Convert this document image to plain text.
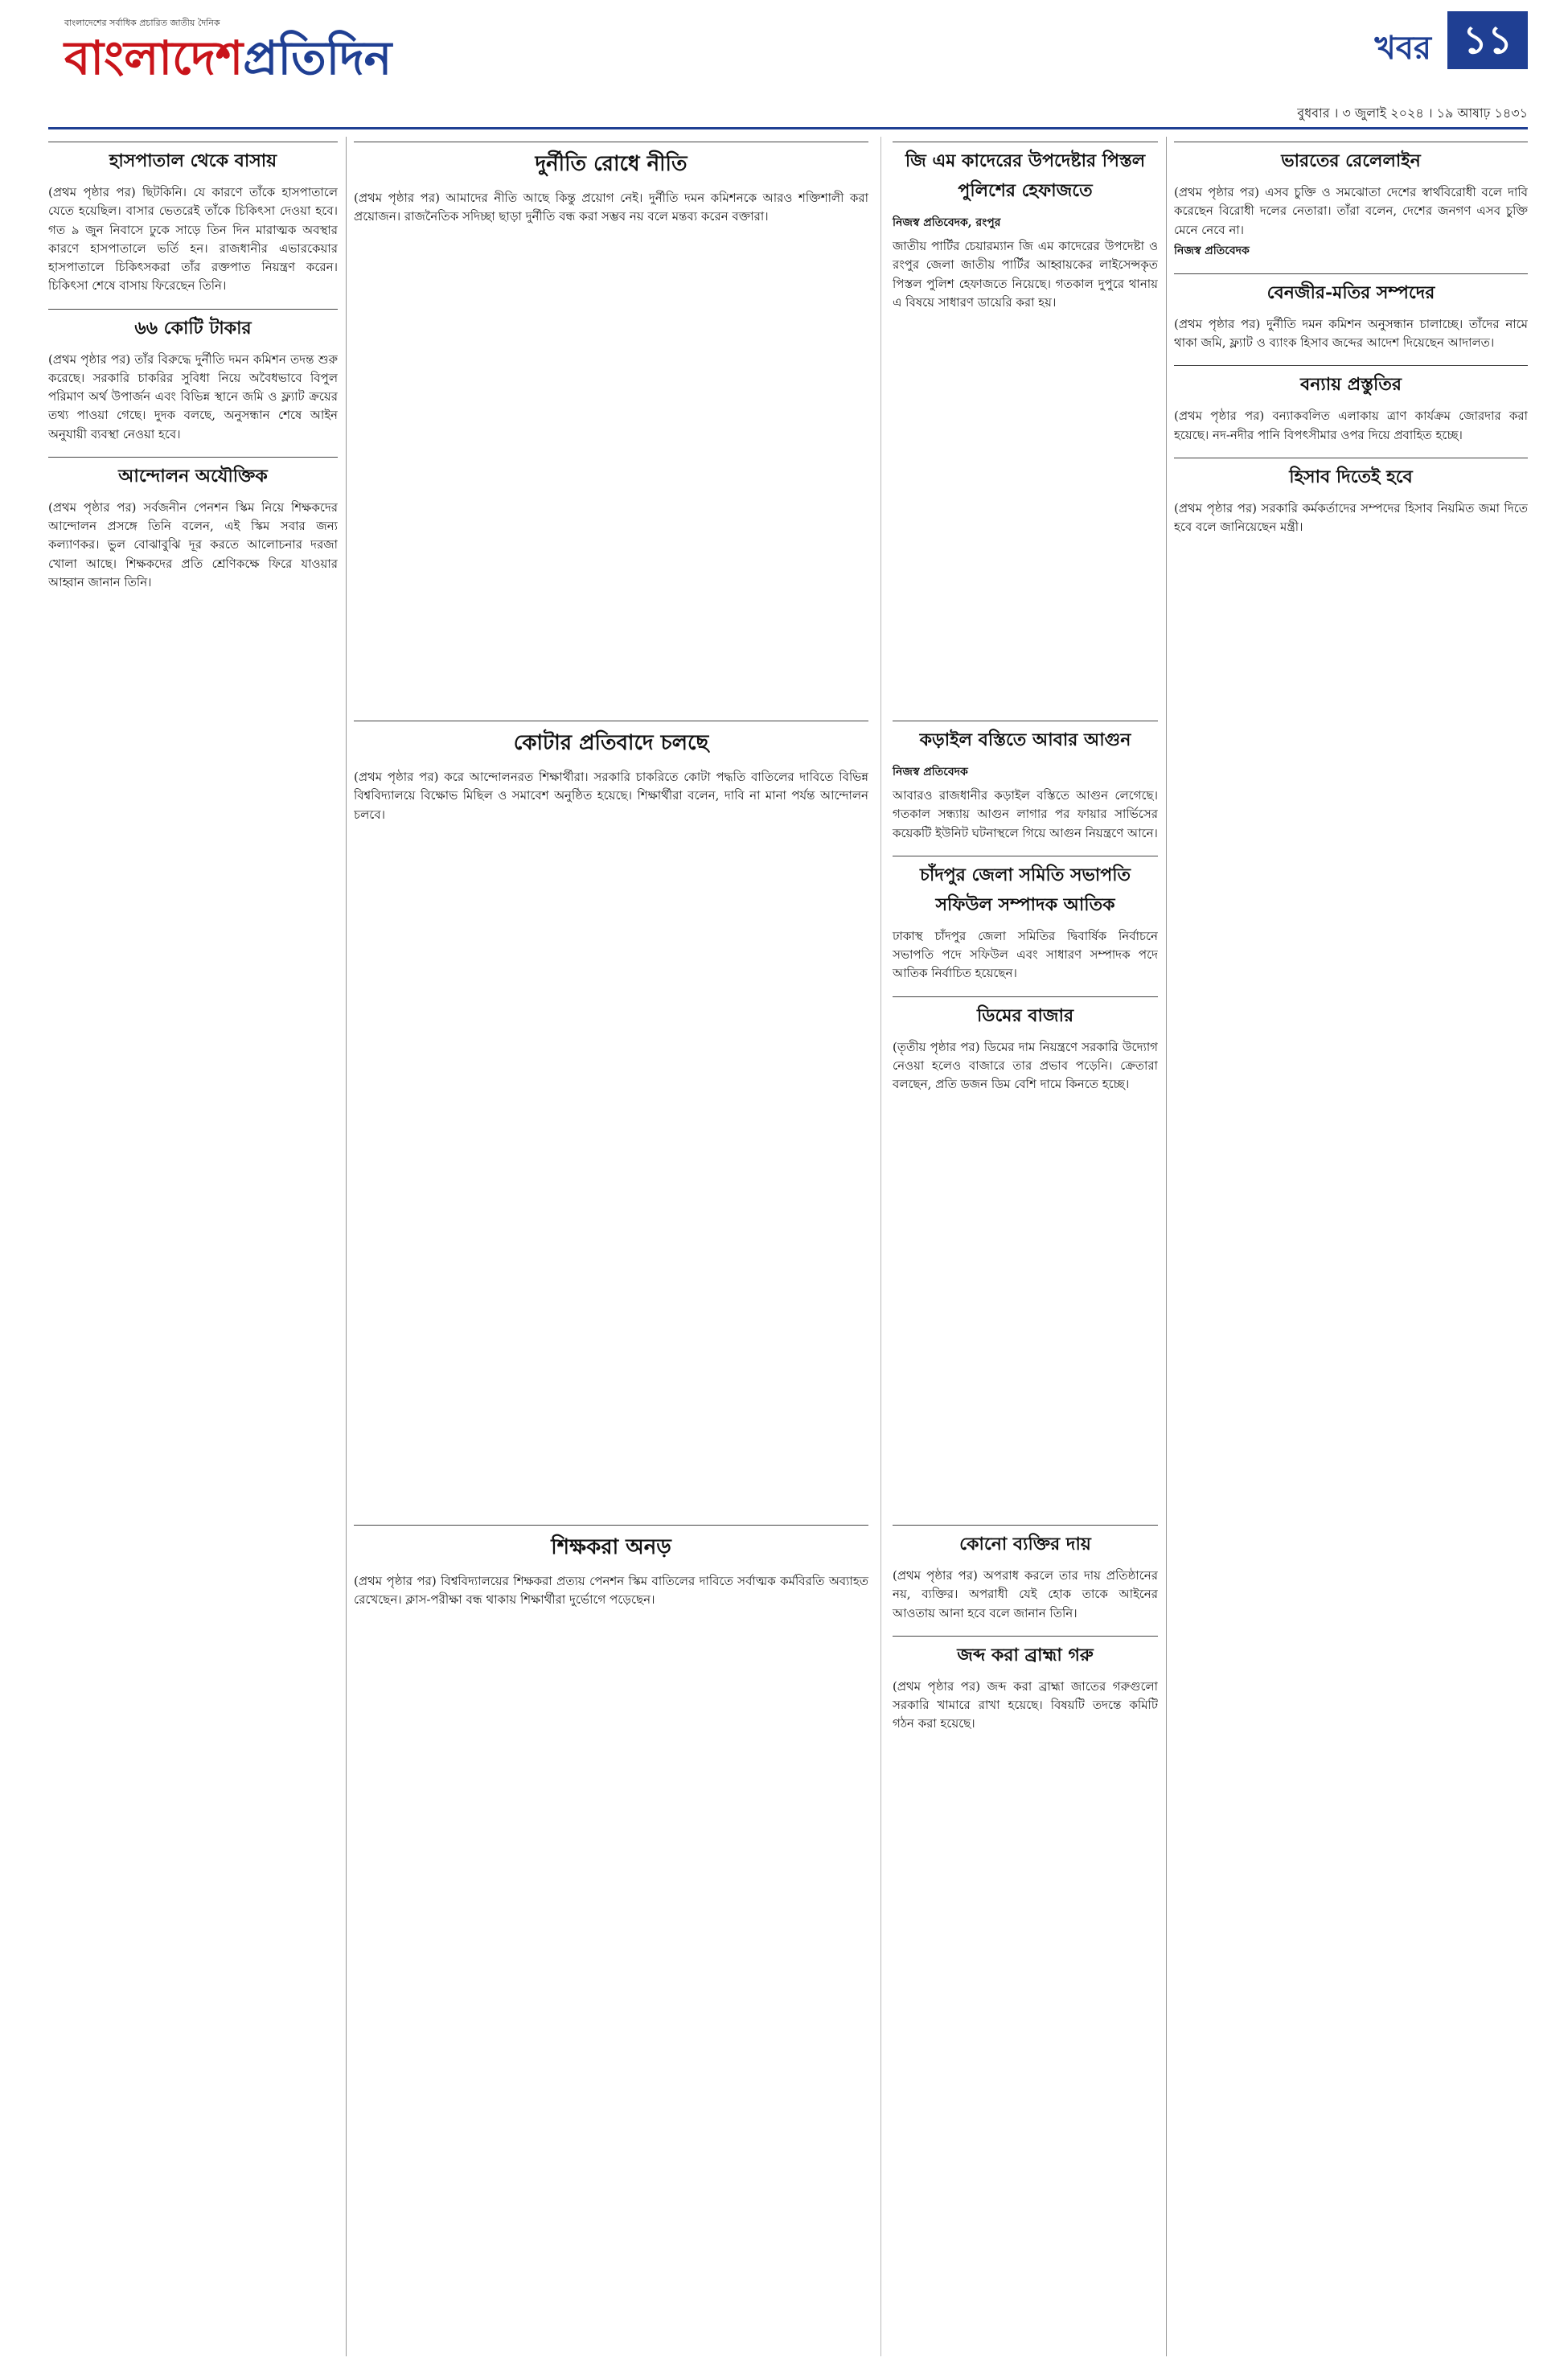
বাংলাদেশের সর্বাধিক প্রচারিত জাতীয় দৈনিক
বাংলাদেশপ্রতিদিন	খবর ১১
বুধবার । ৩ জুলাই ২০২৪ । ১৯ আষাঢ় ১৪৩১
হাসপাতাল থেকে বাসায়
(প্রথম পৃষ্ঠার পর) ছিটকিনি। যে কারণে তাঁকে হাসপাতালে যেতে হয়েছিল। বাসার ভেতরেই তাঁকে চিকিৎসা দেওয়া হবে। গত ৯ জুন নিবাসে ঢুকে সাড়ে তিন দিন মারাত্মক অবস্থার কারণে হাসপাতালে ভর্তি হন। রাজধানীর এভারকেয়ার হাসপাতালে চিকিৎসকরা তাঁর রক্তপাত নিয়ন্ত্রণ করেন। চিকিৎসা শেষে বাসায় ফিরেছেন তিনি।
৬৬ কোটি টাকার
(প্রথম পৃষ্ঠার পর) তাঁর বিরুদ্ধে দুর্নীতি দমন কমিশন তদন্ত শুরু করেছে। সরকারি চাকরির সুবিধা নিয়ে অবৈধভাবে বিপুল পরিমাণ অর্থ উপার্জন এবং বিভিন্ন স্থানে জমি ও ফ্ল্যাট ক্রয়ের তথ্য পাওয়া গেছে। দুদক বলছে, অনুসন্ধান শেষে আইন অনুযায়ী ব্যবস্থা নেওয়া হবে।
আন্দোলন অযৌক্তিক
(প্রথম পৃষ্ঠার পর) সর্বজনীন পেনশন স্কিম নিয়ে শিক্ষকদের আন্দোলন প্রসঙ্গে তিনি বলেন, এই স্কিম সবার জন্য কল্যাণকর। ভুল বোঝাবুঝি দূর করতে আলোচনার দরজা খোলা আছে। শিক্ষকদের প্রতি শ্রেণিকক্ষে ফিরে যাওয়ার আহ্বান জানান তিনি।
দুর্নীতি রোধে নীতি
(প্রথম পৃষ্ঠার পর) আমাদের নীতি আছে কিন্তু প্রয়োগ নেই। দুর্নীতি দমন কমিশনকে আরও শক্তিশালী করা প্রয়োজন। রাজনৈতিক সদিচ্ছা ছাড়া দুর্নীতি বন্ধ করা সম্ভব নয় বলে মন্তব্য করেন বক্তারা।
জি এম কাদেরের উপদেষ্টার পিস্তল পুলিশের হেফাজতে
নিজস্ব প্রতিবেদক, রংপুর
জাতীয় পার্টির চেয়ারম্যান জি এম কাদেরের উপদেষ্টা ও রংপুর জেলা জাতীয় পার্টির আহ্বায়কের লাইসেন্সকৃত পিস্তল পুলিশ হেফাজতে নিয়েছে। গতকাল দুপুরে থানায় এ বিষয়ে সাধারণ ডায়েরি করা হয়।
কোটার প্রতিবাদে চলছে
(প্রথম পৃষ্ঠার পর) করে আন্দোলনরত শিক্ষার্থীরা। সরকারি চাকরিতে কোটা পদ্ধতি বাতিলের দাবিতে বিভিন্ন বিশ্ববিদ্যালয়ে বিক্ষোভ মিছিল ও সমাবেশ অনুষ্ঠিত হয়েছে। শিক্ষার্থীরা বলেন, দাবি না মানা পর্যন্ত আন্দোলন চলবে।
কড়াইল বস্তিতে আবার আগুন
নিজস্ব প্রতিবেদক
আবারও রাজধানীর কড়াইল বস্তিতে আগুন লেগেছে। গতকাল সন্ধ্যায় আগুন লাগার পর ফায়ার সার্ভিসের কয়েকটি ইউনিট ঘটনাস্থলে গিয়ে আগুন নিয়ন্ত্রণে আনে।
চাঁদপুর জেলা সমিতি সভাপতি সফিউল সম্পাদক আতিক
ঢাকাস্থ চাঁদপুর জেলা সমিতির দ্বিবার্ষিক নির্বাচনে সভাপতি পদে সফিউল এবং সাধারণ সম্পাদক পদে আতিক নির্বাচিত হয়েছেন।
ডিমের বাজার
(তৃতীয় পৃষ্ঠার পর) ডিমের দাম নিয়ন্ত্রণে সরকারি উদ্যোগ নেওয়া হলেও বাজারে তার প্রভাব পড়েনি। ক্রেতারা বলছেন, প্রতি ডজন ডিম বেশি দামে কিনতে হচ্ছে।
শিক্ষকরা অনড়
(প্রথম পৃষ্ঠার পর) বিশ্ববিদ্যালয়ের শিক্ষকরা প্রত্যয় পেনশন স্কিম বাতিলের দাবিতে সর্বাত্মক কর্মবিরতি অব্যাহত রেখেছেন। ক্লাস-পরীক্ষা বন্ধ থাকায় শিক্ষার্থীরা দুর্ভোগে পড়েছেন।
কোনো ব্যক্তির দায়
(প্রথম পৃষ্ঠার পর) অপরাধ করলে তার দায় প্রতিষ্ঠানের নয়, ব্যক্তির। অপরাধী যেই হোক তাকে আইনের আওতায় আনা হবে বলে জানান তিনি।
জব্দ করা ব্রাহ্মা গরু
(প্রথম পৃষ্ঠার পর) জব্দ করা ব্রাহ্মা জাতের গরুগুলো সরকারি খামারে রাখা হয়েছে। বিষয়টি তদন্তে কমিটি গঠন করা হয়েছে।
ভারতের রেলেলাইন
(প্রথম পৃষ্ঠার পর) এসব চুক্তি ও সমঝোতা দেশের স্বার্থবিরোধী বলে দাবি করেছেন বিরোধী দলের নেতারা। তাঁরা বলেন, দেশের জনগণ এসব চুক্তি মেনে নেবে না।
নিজস্ব প্রতিবেদক
বেনজীর-মতির সম্পদের
(প্রথম পৃষ্ঠার পর) দুর্নীতি দমন কমিশন অনুসন্ধান চালাচ্ছে। তাঁদের নামে থাকা জমি, ফ্ল্যাট ও ব্যাংক হিসাব জব্দের আদেশ দিয়েছেন আদালত।
বন্যায় প্রস্তুতির
(প্রথম পৃষ্ঠার পর) বন্যাকবলিত এলাকায় ত্রাণ কার্যক্রম জোরদার করা হয়েছে। নদ-নদীর পানি বিপৎসীমার ওপর দিয়ে প্রবাহিত হচ্ছে।
হিসাব দিতেই হবে
(প্রথম পৃষ্ঠার পর) সরকারি কর্মকর্তাদের সম্পদের হিসাব নিয়মিত জমা দিতে হবে বলে জানিয়েছেন মন্ত্রী।
